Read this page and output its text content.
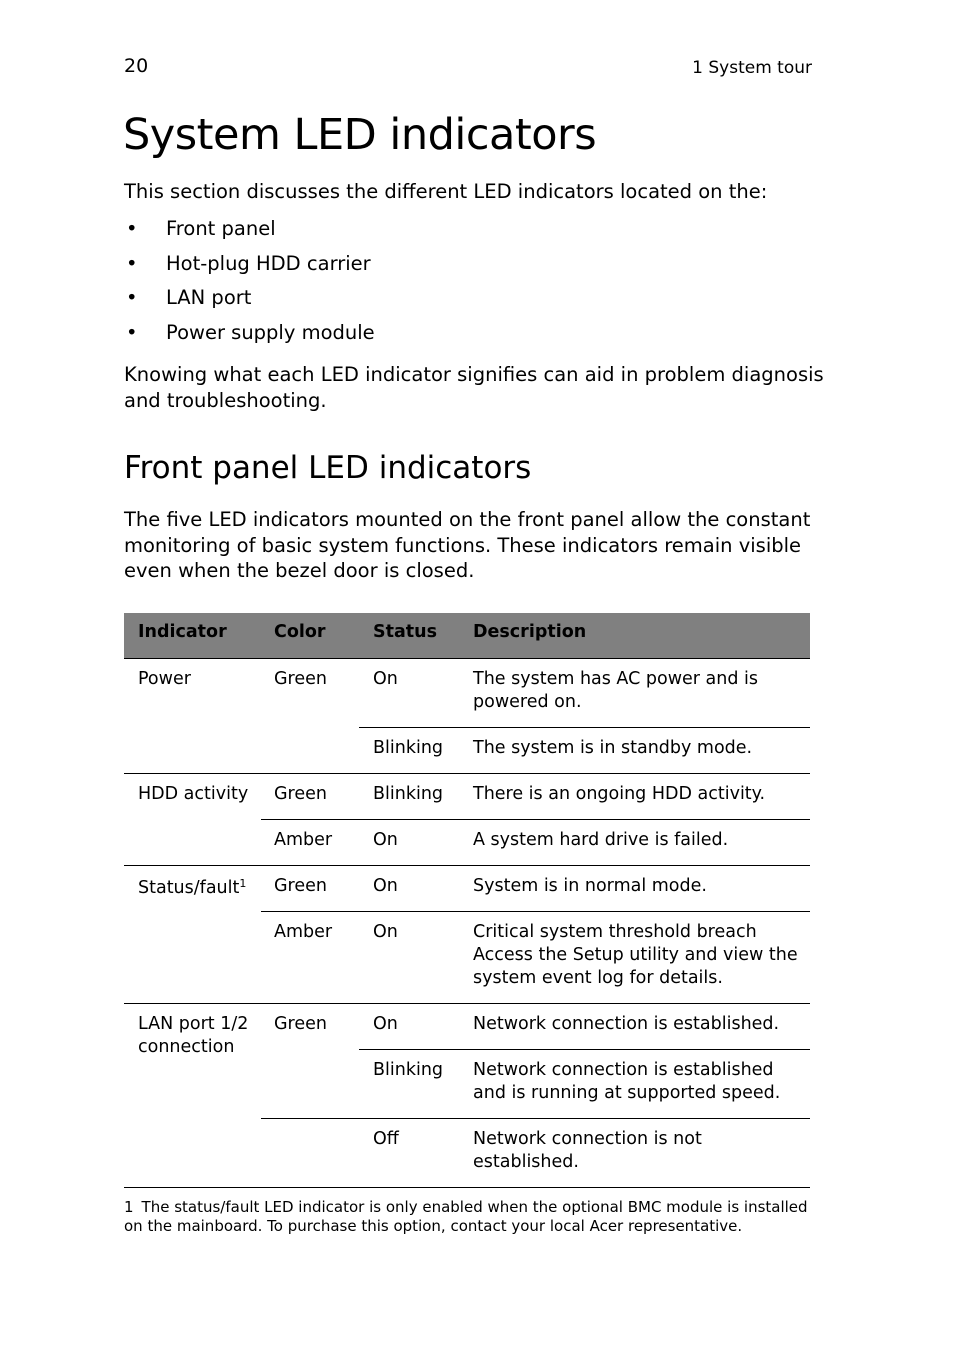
20	1 System tour
System LED indicators

This section discusses the different LED indicators located on the:

• Front panel
• Hot-plug HDD carrier
• LAN port
• Power supply module

Knowing what each LED indicator signifies can aid in problem diagnosis and troubleshooting.

Front panel LED indicators

The five LED indicators mounted on the front panel allow the constant monitoring of basic system functions. These indicators remain visible even when the bezel door is closed.

Indicator	Color	Status Description
Power	Green	On	The system has AC power and is powered on.
Blinking The system is in standby mode.
HDD activity Green	Blinking There is an ongoing HDD activity.
Amber On	A system hard drive is failed.
Status/fault$^1$ Green	On	System is in normal mode.
Amber On	Critical system threshold breach Access the Setup utility and view the system event log for details.
LAN port 1/2 connection
Green	On	Network connection is established.
Blinking Network connection is established and is running at supported speed.
Off	Network connection is not established.

1 The status/fault LED indicator is only enabled when the optional BMC module is installed on the mainboard. To purchase this option, contact your local Acer representative.
